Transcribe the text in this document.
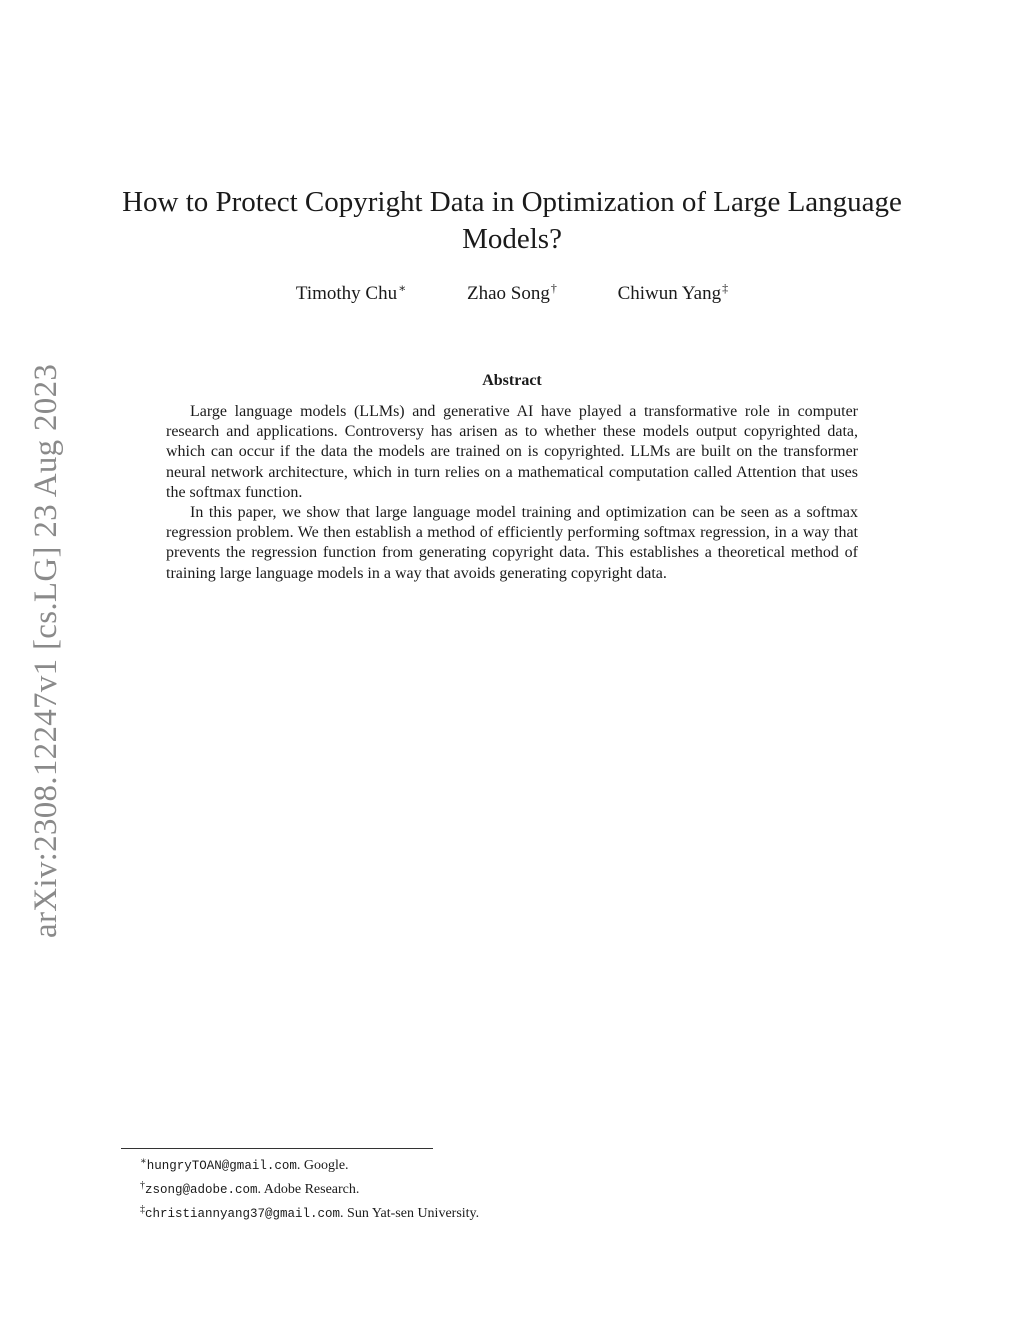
arXiv:2308.12247v1 [cs.LG] 23 Aug 2023
How to Protect Copyright Data in Optimization of Large Language Models?
Timothy Chu∗	Zhao Song†	Chiwun Yang‡
Abstract

Large language models (LLMs) and generative AI have played a transformative role in computer research and applications. Controversy has arisen as to whether these models output copyrighted data, which can occur if the data the models are trained on is copyrighted. LLMs are built on the transformer neural network architecture, which in turn relies on a mathematical computation called Attention that uses the softmax function.

In this paper, we show that large language model training and optimization can be seen as a softmax regression problem. We then establish a method of efficiently performing softmax regression, in a way that prevents the regression function from generating copyright data. This establishes a theoretical method of training large language models in a way that avoids generating copyright data.

∗hungryTOAN@gmail.com. Google.
†zsong@adobe.com. Adobe Research.
‡christiannyang37@gmail.com. Sun Yat-sen University.
